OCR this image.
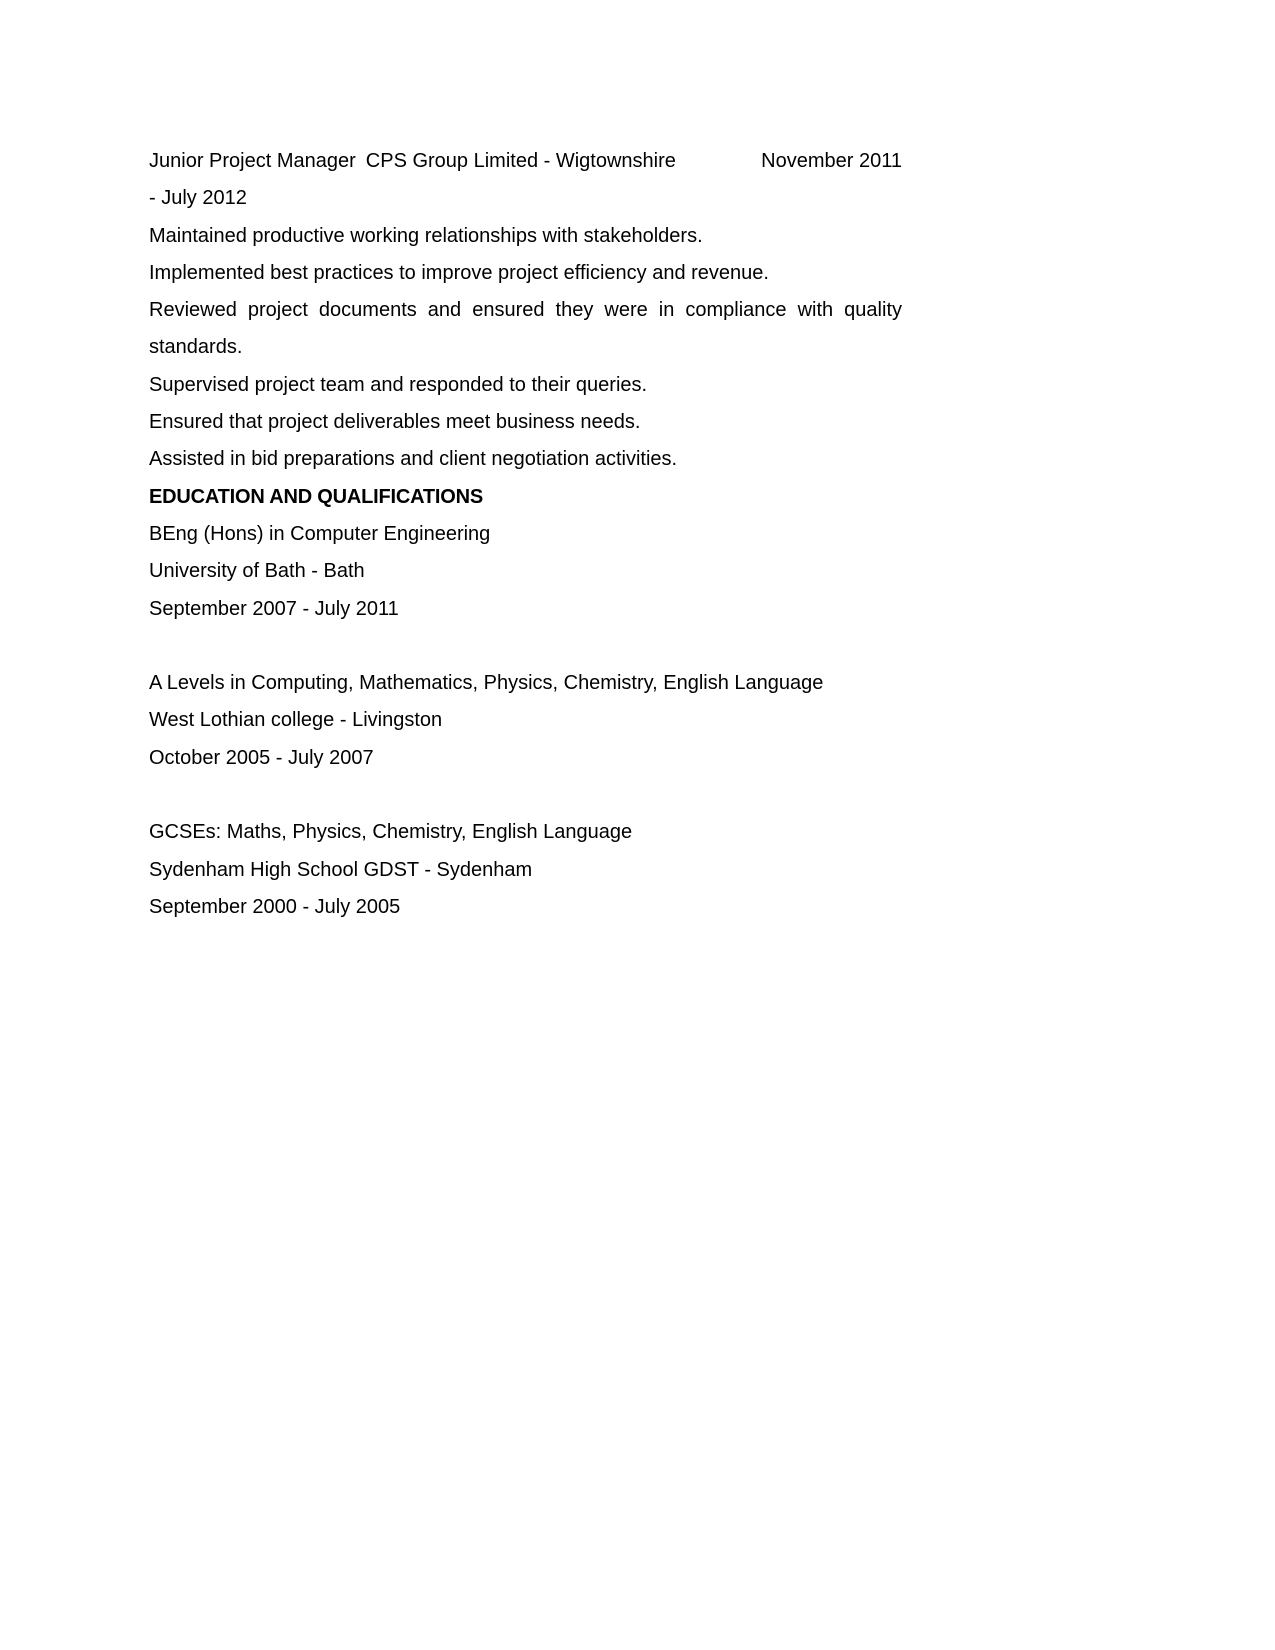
Junior Project Manager CPS Group Limited - Wigtownshire	November 2011
- July 2012
Maintained productive working relationships with stakeholders.
Implemented best practices to improve project efficiency and revenue.
Reviewed project documents and ensured they were in compliance with quality
standards.
Supervised project team and responded to their queries.
Ensured that project deliverables meet business needs.
Assisted in bid preparations and client negotiation activities.
EDUCATION AND QUALIFICATIONS
BEng (Hons) in Computer Engineering
University of Bath - Bath
September 2007 - July 2011
A Levels in Computing, Mathematics, Physics, Chemistry, English Language
West Lothian college - Livingston
October 2005 - July 2007
GCSEs: Maths, Physics, Chemistry, English Language
Sydenham High School GDST - Sydenham
September 2000 - July 2005
